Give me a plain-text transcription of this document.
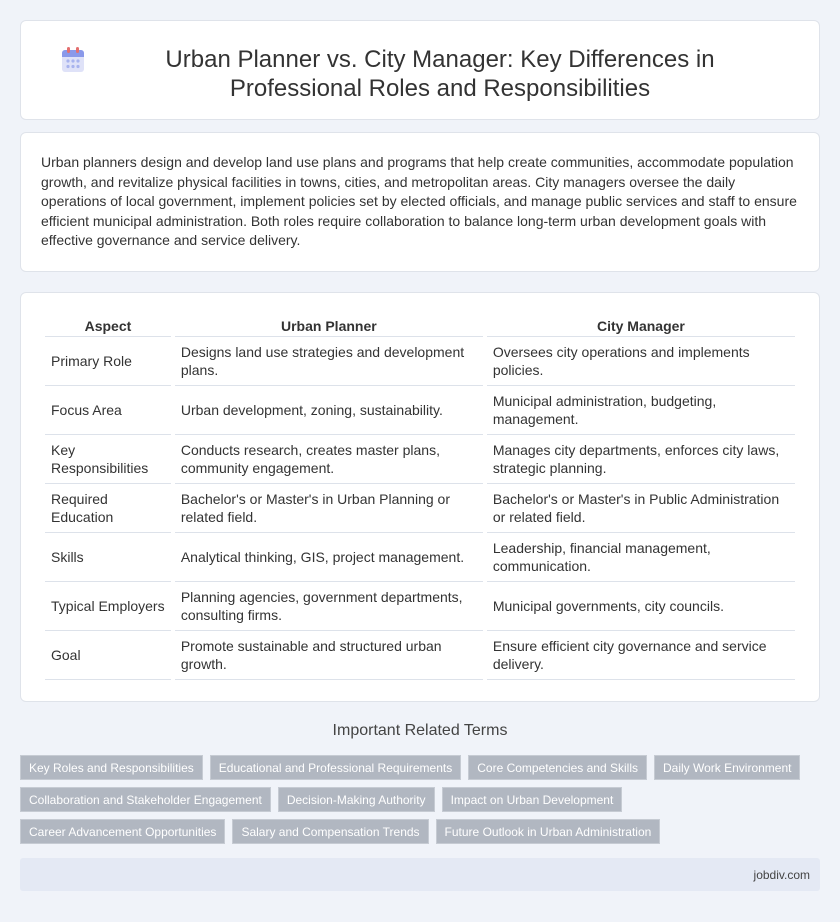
Urban Planner vs. City Manager: Key Differences in Professional Roles and Responsibilities

Urban planners design and develop land use plans and programs that help create communities, accommodate population growth, and revitalize physical facilities in towns, cities, and metropolitan areas. City managers oversee the daily operations of local government, implement policies set by elected officials, and manage public services and staff to ensure efficient municipal administration. Both roles require collaboration to balance long-term urban development goals with effective governance and service delivery.

Aspect	Urban Planner	City Manager
Primary Role	Designs land use strategies and development plans.	Oversees city operations and implements policies.
Focus Area	Urban development, zoning, sustainability.	Municipal administration, budgeting, management.
Key Responsibilities	Conducts research, creates master plans, community engagement.	Manages city departments, enforces city laws, strategic planning.
Required Education	Bachelor's or Master's in Urban Planning or related field.	Bachelor's or Master's in Public Administration or related field.
Skills	Analytical thinking, GIS, project management.	Leadership, financial management, communication.
Typical Employers	Planning agencies, government departments, consulting firms.	Municipal governments, city councils.
Goal	Promote sustainable and structured urban growth.	Ensure efficient city governance and service delivery.
Important Related Terms
Key Roles and Responsibilities	Educational and Professional Requirements	Core Competencies and Skills	Daily Work Environment
Collaboration and Stakeholder Engagement	Decision-Making Authority	Impact on Urban Development
Career Advancement Opportunities	Salary and Compensation Trends	Future Outlook in Urban Administration
jobdiv.com
